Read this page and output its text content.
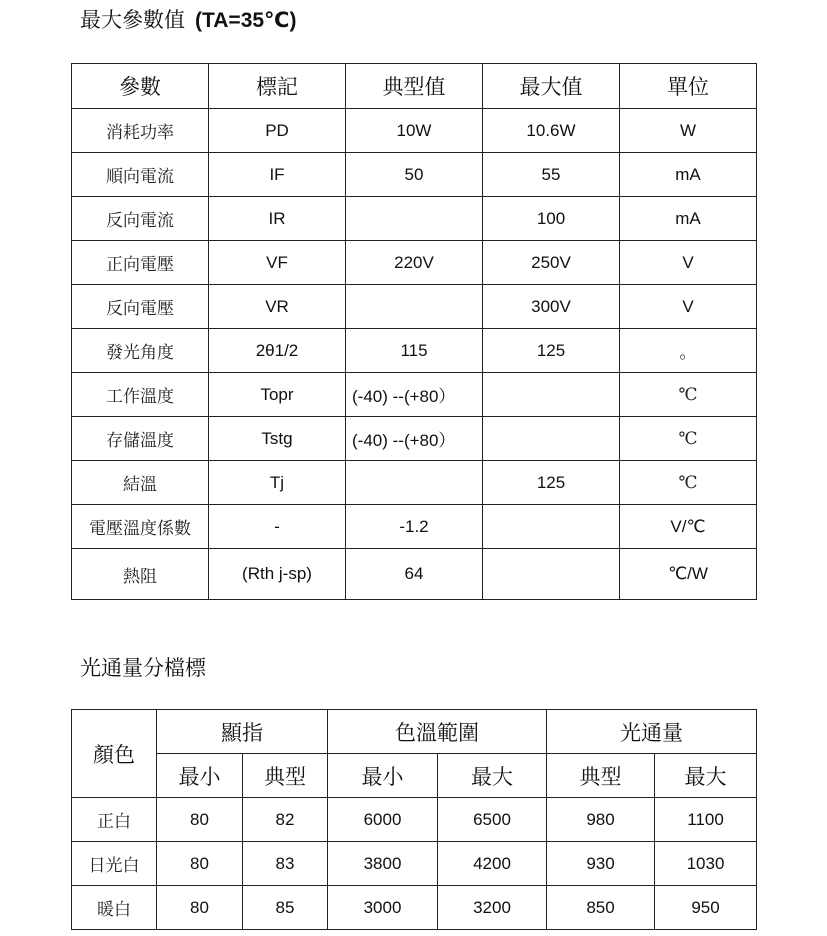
最大參數值 (TA=35℃)
參數	標記	典型值	最大值	單位
消耗功率	PD	10W	10.6W	W
順向電流	IF	50	55	mA
反向電流	IR		100	mA
正向電壓	VF	220V	250V	V
反向電壓	VR		300V	V
發光角度	2θ1/2	115	125	。
工作溫度	Topr	(-40) --(+80）		℃
存儲溫度	Tstg	(-40) --(+80）		℃
結溫	Tj		125	℃
電壓溫度係數	-	-1.2		V/℃
熱阻	(Rth j-sp)	64		℃/W
光通量分檔標
顏色	顯指		色溫範圍		光通量	
	最小	典型	最小	最大	典型	最大
正白	80	82	6000	6500	980	1100
日光白	80	83	3800	4200	930	1030
暖白	80	85	3000	3200	850	950
